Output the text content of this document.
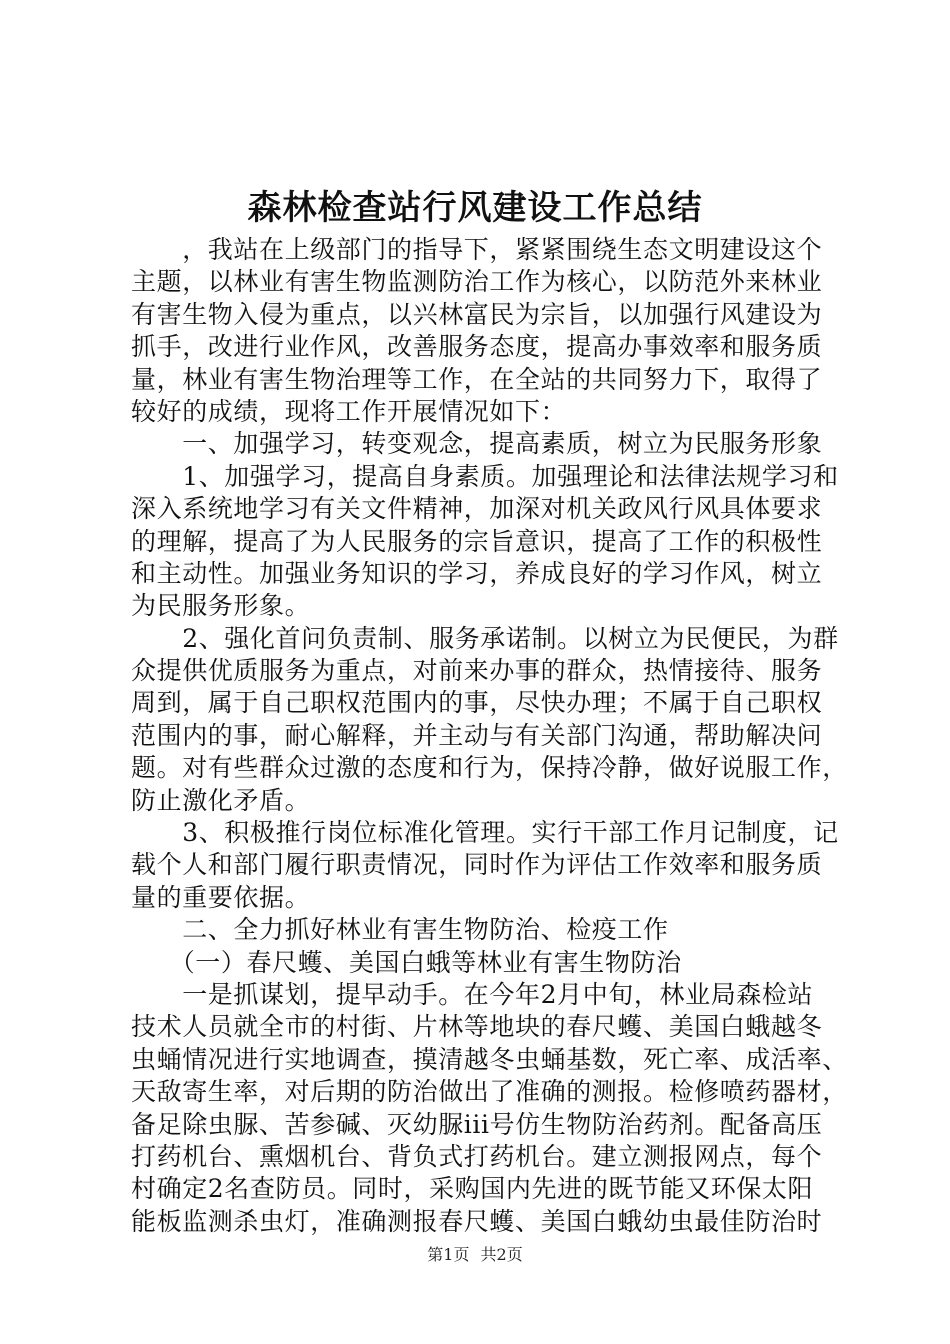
森林检查站行风建设工作总结
　　，我站在上级部门的指导下，紧紧围绕生态文明建设这个
主题，以林业有害生物监测防治工作为核心，以防范外来林业
有害生物入侵为重点，以兴林富民为宗旨，以加强行风建设为
抓手，改进行业作风，改善服务态度，提高办事效率和服务质
量，林业有害生物治理等工作，在全站的共同努力下，取得了
较好的成绩，现将工作开展情况如下：
　　一、加强学习，转变观念，提高素质，树立为民服务形象
　　1、加强学习，提高自身素质。加强理论和法律法规学习和
深入系统地学习有关文件精神，加深对机关政风行风具体要求
的理解，提高了为人民服务的宗旨意识，提高了工作的积极性
和主动性。加强业务知识的学习，养成良好的学习作风，树立
为民服务形象。
　　2、强化首问负责制、服务承诺制。以树立为民便民，为群
众提供优质服务为重点，对前来办事的群众，热情接待、服务
周到，属于自己职权范围内的事，尽快办理；不属于自己职权
范围内的事，耐心解释，并主动与有关部门沟通，帮助解决问
题。对有些群众过激的态度和行为，保持冷静，做好说服工作，
防止激化矛盾。
　　3、积极推行岗位标准化管理。实行干部工作月记制度，记
载个人和部门履行职责情况，同时作为评估工作效率和服务质
量的重要依据。
　　二、全力抓好林业有害生物防治、检疫工作
　　（一）春尺蠖、美国白蛾等林业有害生物防治
　　一是抓谋划，提早动手。在今年2月中旬，林业局森检站
技术人员就全市的村街、片林等地块的春尺蠖、美国白蛾越冬
虫蛹情况进行实地调查，摸清越冬虫蛹基数，死亡率、成活率、
天敌寄生率，对后期的防治做出了准确的测报。检修喷药器材，
备足除虫脲、苦参碱、灭幼脲iii号仿生物防治药剂。配备高压
打药机台、熏烟机台、背负式打药机台。建立测报网点，每个
村确定2名查防员。同时，采购国内先进的既节能又环保太阳
能板监测杀虫灯，准确测报春尺蠖、美国白蛾幼虫最佳防治时
第1页 共2页
